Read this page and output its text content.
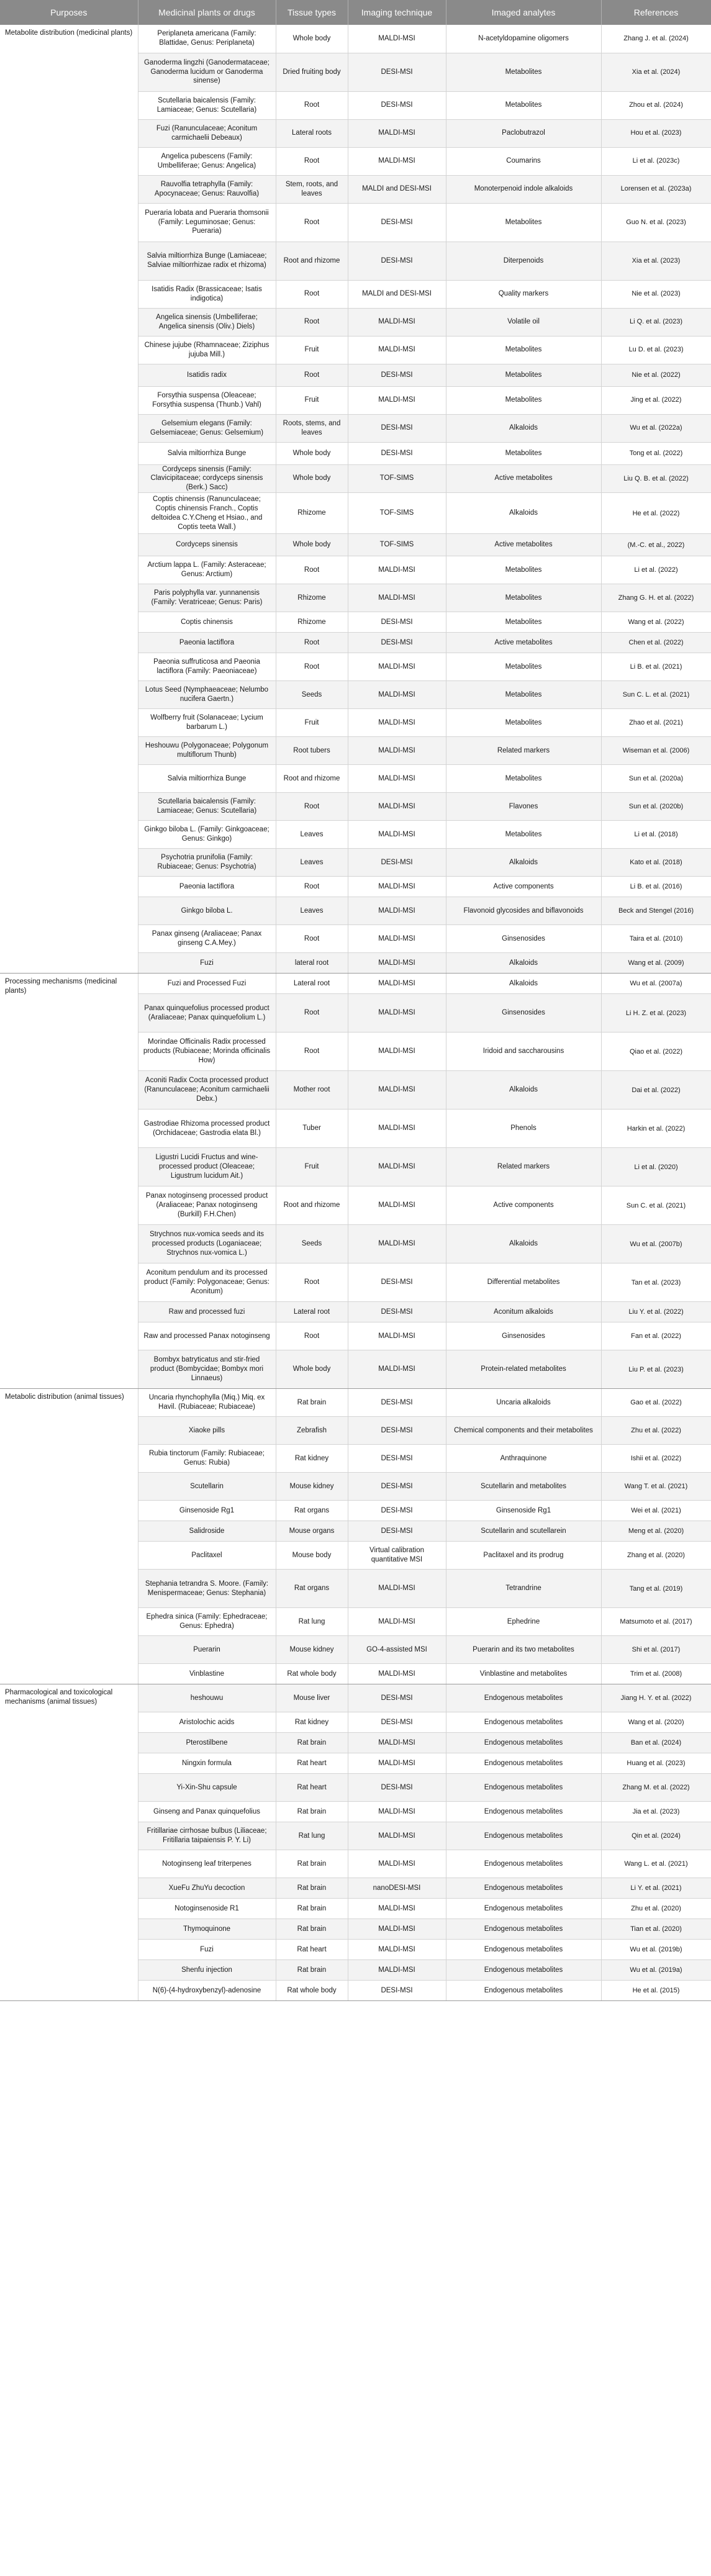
Purposes	Medicinal plants or drugs	Tissue types	Imaging technique	Imaged analytes	References
Metabolite distribution (medicinal plants)	Periplaneta americana (Family: Blattidae, Genus: Periplaneta)	Whole body	MALDI-MSI	N-acetyldopamine oligomers	Zhang J. et al. (2024)
	Ganoderma lingzhi (Ganodermataceae; Ganoderma lucidum or Ganoderma sinense)	Dried fruiting body	DESI-MSI	Metabolites	Xia et al. (2024)
	Scutellaria baicalensis (Family: Lamiaceae; Genus: Scutellaria)	Root	DESI-MSI	Metabolites	Zhou et al. (2024)
	Fuzi (Ranunculaceae; Aconitum carmichaelii Debeaux)	Lateral roots	MALDI-MSI	Paclobutrazol	Hou et al. (2023)
	Angelica pubescens (Family: Umbelliferae; Genus: Angelica)	Root	MALDI-MSI	Coumarins	Li et al. (2023c)
	Rauvolfia tetraphylla (Family: Apocynaceae; Genus: Rauvolfia)	Stem, roots, and leaves	MALDI and DESI-MSI	Monoterpenoid indole alkaloids	Lorensen et al. (2023a)
	Pueraria lobata and Pueraria thomsonii (Family: Leguminosae; Genus: Pueraria)	Root	DESI-MSI	Metabolites	Guo N. et al. (2023)
	Salvia miltiorrhiza Bunge (Lamiaceae; Salviae miltiorrhizae radix et rhizoma)	Root and rhizome	DESI-MSI	Diterpenoids	Xia et al. (2023)
	Isatidis Radix (Brassicaceae; Isatis indigotica)	Root	MALDI and DESI-MSI	Quality markers	Nie et al. (2023)
	Angelica sinensis (Umbelliferae; Angelica sinensis (Oliv.) Diels)	Root	MALDI-MSI	Volatile oil	Li Q. et al. (2023)
	Chinese jujube (Rhamnaceae; Ziziphus jujuba Mill.)	Fruit	MALDI-MSI	Metabolites	Lu D. et al. (2023)
	Isatidis radix	Root	DESI-MSI	Metabolites	Nie et al. (2022)
	Forsythia suspensa (Oleaceae; Forsythia suspensa (Thunb.) Vahl)	Fruit	MALDI-MSI	Metabolites	Jing et al. (2022)
	Gelsemium elegans (Family: Gelsemiaceae; Genus: Gelsemium)	Roots, stems, and leaves	DESI-MSI	Alkaloids	Wu et al. (2022a)
	Salvia miltiorrhiza Bunge	Whole body	DESI-MSI	Metabolites	Tong et al. (2022)
	Cordyceps sinensis (Family: Clavicipitaceae; cordyceps sinensis (Berk.) Sacc)	Whole body	TOF-SIMS	Active metabolites	Liu Q. B. et al. (2022)
	Coptis chinensis (Ranunculaceae; Coptis chinensis Franch., Coptis deltoidea C.Y.Cheng et Hsiao., and Coptis teeta Wall.)	Rhizome	TOF-SIMS	Alkaloids	He et al. (2022)
	Cordyceps sinensis	Whole body	TOF-SIMS	Active metabolites	(M.-C. et al., 2022)
	Arctium lappa L. (Family: Asteraceae; Genus: Arctium)	Root	MALDI-MSI	Metabolites	Li et al. (2022)
	Paris polyphylla var. yunnanensis (Family: Veratriceae; Genus: Paris)	Rhizome	MALDI-MSI	Metabolites	Zhang G. H. et al. (2022)
	Coptis chinensis	Rhizome	DESI-MSI	Metabolites	Wang et al. (2022)
	Paeonia lactiflora	Root	DESI-MSI	Active metabolites	Chen et al. (2022)
	Paeonia suffruticosa and Paeonia lactiflora (Family: Paeoniaceae)	Root	MALDI-MSI	Metabolites	Li B. et al. (2021)
	Lotus Seed (Nymphaeaceae; Nelumbo nucifera Gaertn.)	Seeds	MALDI-MSI	Metabolites	Sun C. L. et al. (2021)
	Wolfberry fruit (Solanaceae; Lycium barbarum L.)	Fruit	MALDI-MSI	Metabolites	Zhao et al. (2021)
	Heshouwu (Polygonaceae; Polygonum multiflorum Thunb)	Root tubers	MALDI-MSI	Related markers	Wiseman et al. (2006)
	Salvia miltiorrhiza Bunge	Root and rhizome	MALDI-MSI	Metabolites	Sun et al. (2020a)
	Scutellaria baicalensis (Family: Lamiaceae; Genus: Scutellaria)	Root	MALDI-MSI	Flavones	Sun et al. (2020b)
	Ginkgo biloba L. (Family: Ginkgoaceae; Genus: Ginkgo)	Leaves	MALDI-MSI	Metabolites	Li et al. (2018)
	Psychotria prunifolia (Family: Rubiaceae; Genus: Psychotria)	Leaves	DESI-MSI	Alkaloids	Kato et al. (2018)
	Paeonia lactiflora	Root	MALDI-MSI	Active components	Li B. et al. (2016)
	Ginkgo biloba L.	Leaves	MALDI-MSI	Flavonoid glycosides and biflavonoids	Beck and Stengel (2016)
	Panax ginseng (Araliaceae; Panax ginseng C.A.Mey.)	Root	MALDI-MSI	Ginsenosides	Taira et al. (2010)
	Fuzi	lateral root	MALDI-MSI	Alkaloids	Wang et al. (2009)
Processing mechanisms (medicinal plants)	Fuzi and Processed Fuzi	Lateral root	MALDI-MSI	Alkaloids	Wu et al. (2007a)
	Panax quinquefolius processed product (Araliaceae; Panax quinquefolium L.)	Root	MALDI-MSI	Ginsenosides	Li H. Z. et al. (2023)
	Morindae Officinalis Radix processed products (Rubiaceae; Morinda officinalis How)	Root	MALDI-MSI	Iridoid and saccharousins	Qiao et al. (2022)
	Aconiti Radix Cocta processed product (Ranunculaceae; Aconitum carmichaelii Debx.)	Mother root	MALDI-MSI	Alkaloids	Dai et al. (2022)
	Gastrodiae Rhizoma processed product (Orchidaceae; Gastrodia elata Bl.)	Tuber	MALDI-MSI	Phenols	Harkin et al. (2022)
	Ligustri Lucidi Fructus and wine-processed product (Oleaceae; Ligustrum lucidum Ait.)	Fruit	MALDI-MSI	Related markers	Li et al. (2020)
	Panax notoginseng processed product (Araliaceae; Panax notoginseng (Burkill) F.H.Chen)	Root and rhizome	MALDI-MSI	Active components	Sun C. et al. (2021)
	Strychnos nux-vomica seeds and its processed products (Loganiaceae; Strychnos nux-vomica L.)	Seeds	MALDI-MSI	Alkaloids	Wu et al. (2007b)
	Aconitum pendulum and its processed product (Family: Polygonaceae; Genus: Aconitum)	Root	DESI-MSI	Differential metabolites	Tan et al. (2023)
	Raw and processed fuzi	Lateral root	DESI-MSI	Aconitum alkaloids	Liu Y. et al. (2022)
	Raw and processed Panax notoginseng	Root	MALDI-MSI	Ginsenosides	Fan et al. (2022)
	Bombyx batryticatus and stir-fried product (Bombycidae; Bombyx mori Linnaeus)	Whole body	MALDI-MSI	Protein-related metabolites	Liu P. et al. (2023)
Metabolic distribution (animal tissues)	Uncaria rhynchophylla (Miq.) Miq. ex Havil. (Rubiaceae; Rubiaceae)	Rat brain	DESI-MSI	Uncaria alkaloids	Gao et al. (2022)
	Xiaoke pills	Zebrafish	DESI-MSI	Chemical components and their metabolites	Zhu et al. (2022)
	Rubia tinctorum (Family: Rubiaceae; Genus: Rubia)	Rat kidney	DESI-MSI	Anthraquinone	Ishii et al. (2022)
	Scutellarin	Mouse kidney	DESI-MSI	Scutellarin and metabolites	Wang T. et al. (2021)
	Ginsenoside Rg1	Rat organs	DESI-MSI	Ginsenoside Rg1	Wei et al. (2021)
	Salidroside	Mouse organs	DESI-MSI	Scutellarin and scutellarein	Meng et al. (2020)
	Paclitaxel	Mouse body	Virtual calibration quantitative MSI	Paclitaxel and its prodrug	Zhang et al. (2020)
	Stephania tetrandra S. Moore. (Family: Menispermaceae; Genus: Stephania)	Rat organs	MALDI-MSI	Tetrandrine	Tang et al. (2019)
	Ephedra sinica (Family: Ephedraceae; Genus: Ephedra)	Rat lung	MALDI-MSI	Ephedrine	Matsumoto et al. (2017)
	Puerarin	Mouse kidney	GO-4-assisted MSI	Puerarin and its two metabolites	Shi et al. (2017)
	Vinblastine	Rat whole body	MALDI-MSI	Vinblastine and metabolites	Trim et al. (2008)
Pharmacological and toxicological mechanisms (animal tissues)	heshouwu	Mouse liver	DESI-MSI	Endogenous metabolites	Jiang H. Y. et al. (2022)
	Aristolochic acids	Rat kidney	DESI-MSI	Endogenous metabolites	Wang et al. (2020)
	Pterostilbene	Rat brain	MALDI-MSI	Endogenous metabolites	Ban et al. (2024)
	Ningxin formula	Rat heart	MALDI-MSI	Endogenous metabolites	Huang et al. (2023)
	Yi-Xin-Shu capsule	Rat heart	DESI-MSI	Endogenous metabolites	Zhang M. et al. (2022)
	Ginseng and Panax quinquefolius	Rat brain	MALDI-MSI	Endogenous metabolites	Jia et al. (2023)
	Fritillariae cirrhosae bulbus (Liliaceae; Fritillaria taipaiensis P. Y. Li)	Rat lung	MALDI-MSI	Endogenous metabolites	Qin et al. (2024)
	Notoginseng leaf triterpenes	Rat brain	MALDI-MSI	Endogenous metabolites	Wang L. et al. (2021)
	XueFu ZhuYu decoction	Rat brain	nanoDESI-MSI	Endogenous metabolites	Li Y. et al. (2021)
	Notoginsenoside R1	Rat brain	MALDI-MSI	Endogenous metabolites	Zhu et al. (2020)
	Thymoquinone	Rat brain	MALDI-MSI	Endogenous metabolites	Tian et al. (2020)
	Fuzi	Rat heart	MALDI-MSI	Endogenous metabolites	Wu et al. (2019b)
	Shenfu injection	Rat brain	MALDI-MSI	Endogenous metabolites	Wu et al. (2019a)
	N(6)-(4-hydroxybenzyl)-adenosine	Rat whole body	DESI-MSI	Endogenous metabolites	He et al. (2015)
